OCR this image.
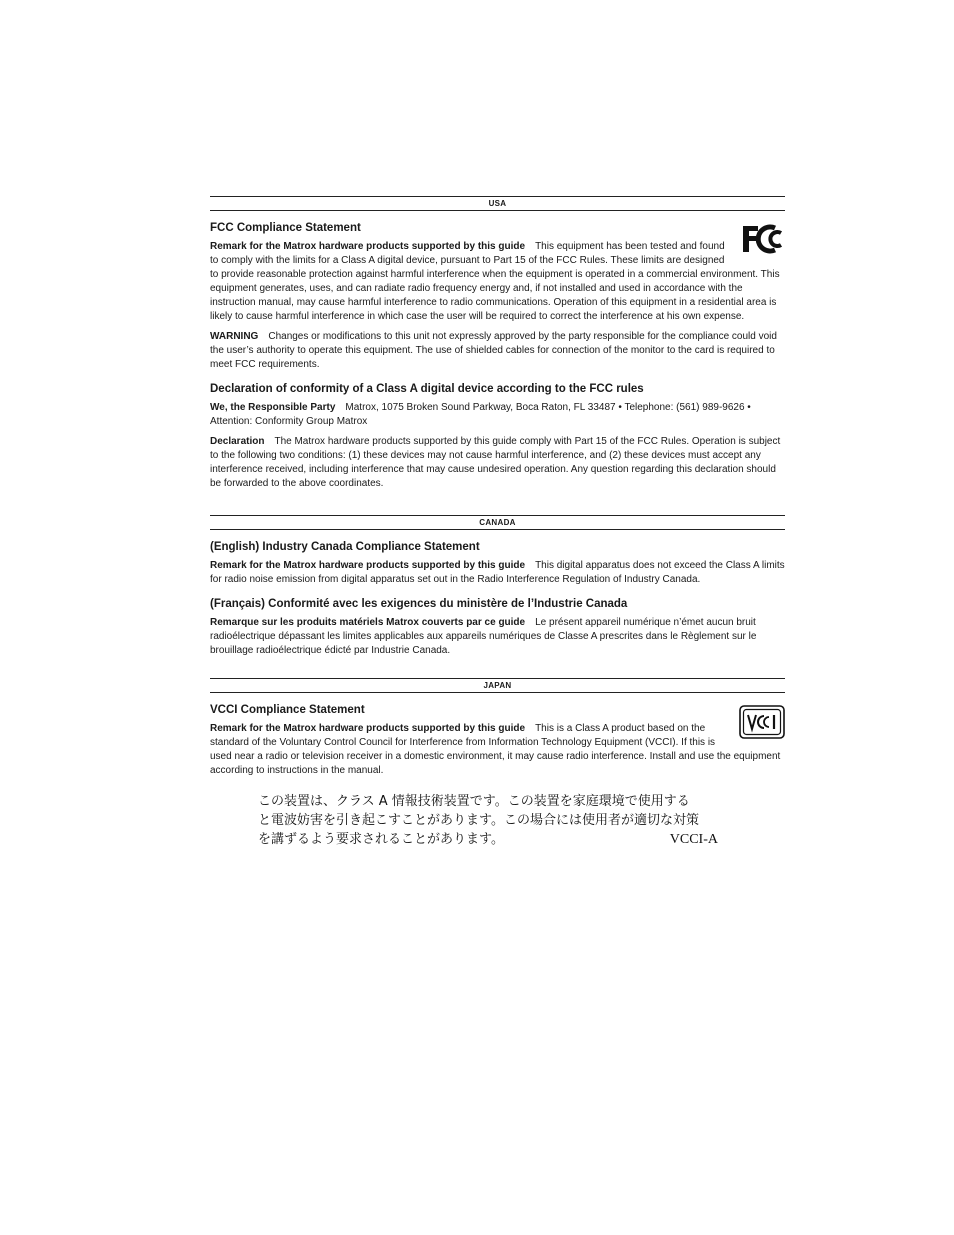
USA
FCC Compliance Statement

Remark for the Matrox hardware products supported by this guide This equipment has been tested and found to comply with the limits for a Class A digital device, pursuant to Part 15 of the FCC Rules. These limits are designed to provide reasonable protection against harmful interference when the equipment is operated in a commercial environment. This equipment generates, uses, and can radiate radio frequency energy and, if not installed and used in accordance with the instruction manual, may cause harmful interference to radio communications. Operation of this equipment in a residential area is likely to cause harmful interference in which case the user will be required to correct the interference at his own expense.

WARNING Changes or modifications to this unit not expressly approved by the party responsible for the compliance could void the user’s authority to operate this equipment. The use of shielded cables for connection of the monitor to the card is required to meet FCC requirements.

Declaration of conformity of a Class A digital device according to the FCC rules

We, the Responsible Party Matrox, 1075 Broken Sound Parkway, Boca Raton, FL 33487 • Telephone: (561) 989-9626 • Attention: Conformity Group Matrox

Declaration The Matrox hardware products supported by this guide comply with Part 15 of the FCC Rules. Operation is subject to the following two conditions: (1) these devices may not cause harmful interference, and (2) these devices must accept any interference received, including interference that may cause undesired operation. Any question regarding this declaration should be forwarded to the above coordinates.

CANADA
(English) Industry Canada Compliance Statement

Remark for the Matrox hardware products supported by this guide This digital apparatus does not exceed the Class A limits for radio noise emission from digital apparatus set out in the Radio Interference Regulation of Industry Canada.

(Français) Conformité avec les exigences du ministère de l’Industrie Canada

Remarque sur les produits matériels Matrox couverts par ce guide Le présent appareil numérique n’émet aucun bruit radioélectrique dépassant les limites applicables aux appareils numériques de Classe A prescrites dans le Règlement sur le brouillage radioélectrique édicté par Industrie Canada.

JAPAN
VCCI Compliance Statement

Remark for the Matrox hardware products supported by this guide This is a Class A product based on the standard of the Voluntary Control Council for Interference from Information Technology Equipment (VCCI). If this is used near a radio or television receiver in a domestic environment, it may cause radio interference. Install and use the equipment according to instructions in the manual.

この装置は、クラス A 情報技術装置です。この装置を家庭環境で使用する
と電波妨害を引き起こすことがあります。この場合には使用者が適切な対策
を講ずるよう要求されることがあります。	VCCI-A
